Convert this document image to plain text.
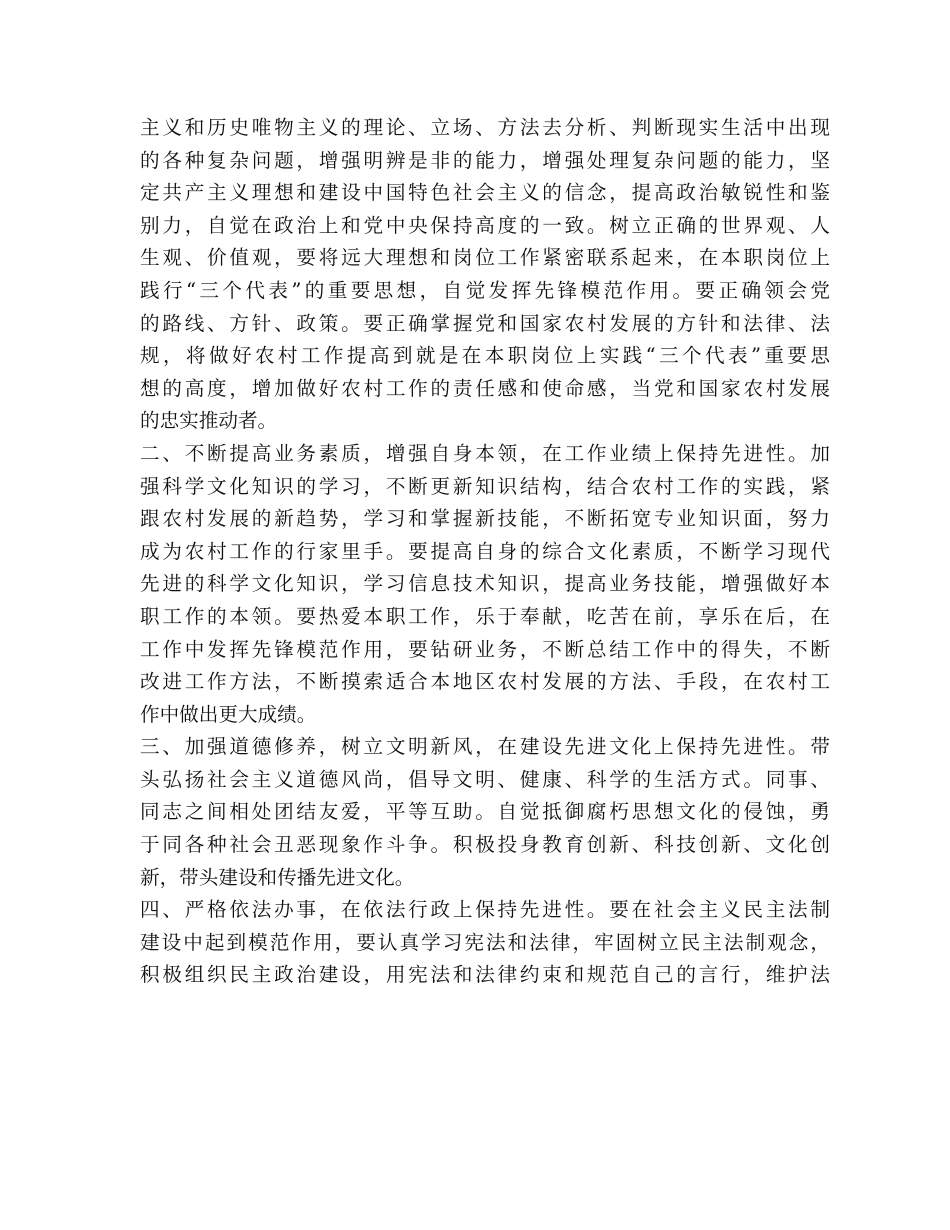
主义和历史唯物主义的理论、立场、方法去分析、判断现实生活中出现
的各种复杂问题，增强明辨是非的能力，增强处理复杂问题的能力，坚
定共产主义理想和建设中国特色社会主义的信念，提高政治敏锐性和鉴
别力，自觉在政治上和党中央保持高度的一致。树立正确的世界观、人
生观、价值观，要将远大理想和岗位工作紧密联系起来，在本职岗位上
践行“三个代表”的重要思想，自觉发挥先锋模范作用。要正确领会党
的路线、方针、政策。要正确掌握党和国家农村发展的方针和法律、法
规，将做好农村工作提高到就是在本职岗位上实践“三个代表”重要思
想的高度，增加做好农村工作的责任感和使命感，当党和国家农村发展
的忠实推动者。
二、不断提高业务素质，增强自身本领，在工作业绩上保持先进性。加
强科学文化知识的学习，不断更新知识结构，结合农村工作的实践，紧
跟农村发展的新趋势，学习和掌握新技能，不断拓宽专业知识面，努力
成为农村工作的行家里手。要提高自身的综合文化素质，不断学习现代
先进的科学文化知识，学习信息技术知识，提高业务技能，增强做好本
职工作的本领。要热爱本职工作，乐于奉献，吃苦在前，享乐在后，在
工作中发挥先锋模范作用，要钻研业务，不断总结工作中的得失，不断
改进工作方法，不断摸索适合本地区农村发展的方法、手段，在农村工
作中做出更大成绩。
三、加强道德修养，树立文明新风，在建设先进文化上保持先进性。带
头弘扬社会主义道德风尚，倡导文明、健康、科学的生活方式。同事、
同志之间相处团结友爱，平等互助。自觉抵御腐朽思想文化的侵蚀，勇
于同各种社会丑恶现象作斗争。积极投身教育创新、科技创新、文化创
新，带头建设和传播先进文化。
四、严格依法办事，在依法行政上保持先进性。要在社会主义民主法制
建设中起到模范作用，要认真学习宪法和法律，牢固树立民主法制观念，
积极组织民主政治建设，用宪法和法律约束和规范自己的言行，维护法
